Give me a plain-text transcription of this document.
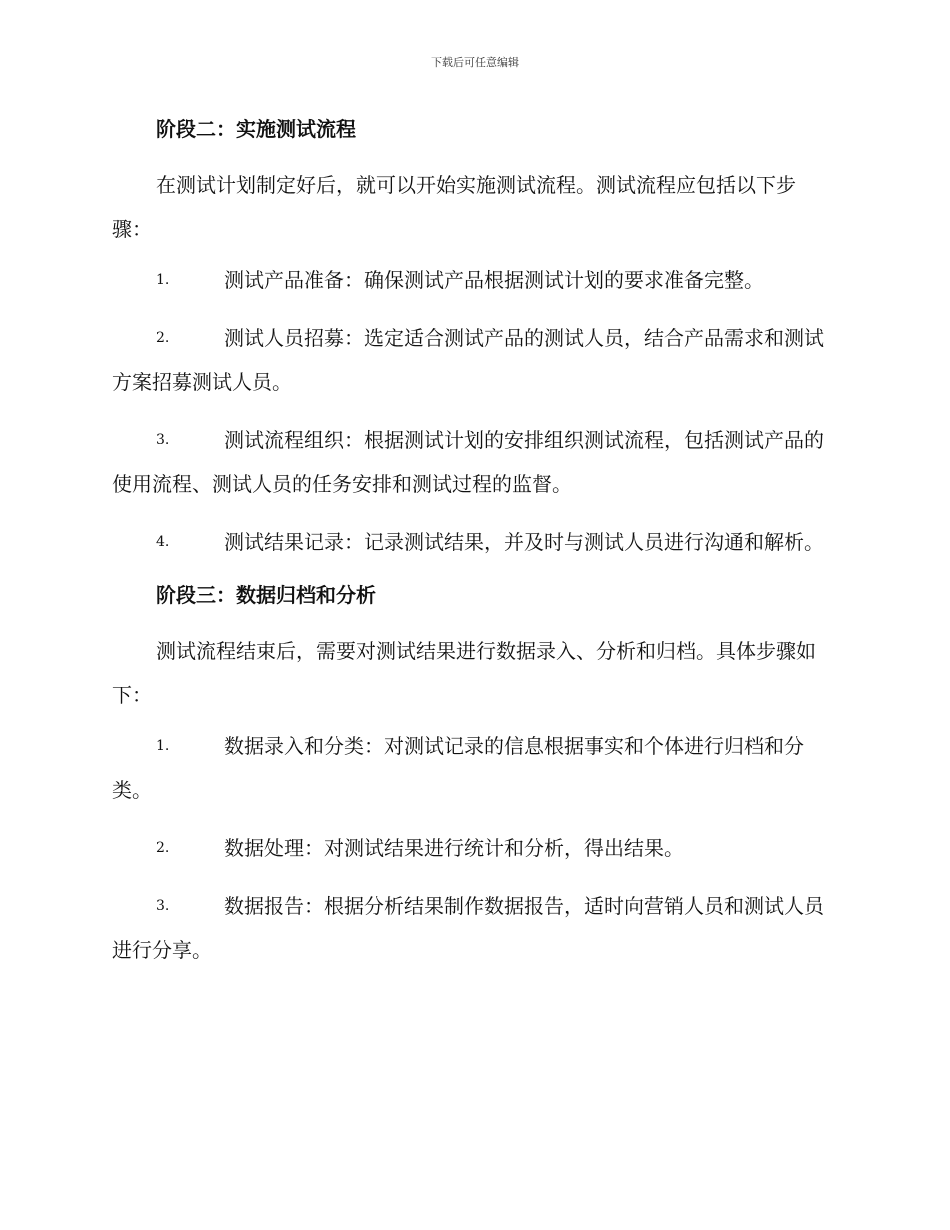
下载后可任意编辑
阶段二：实施测试流程
在测试计划制定好后，就可以开始实施测试流程。测试流程应包括以下步骤：
1.	测试产品准备：确保测试产品根据测试计划的要求准备完整。
2.	测试人员招募：选定适合测试产品的测试人员，结合产品需求和测试方案招募测试人员。
3.	测试流程组织：根据测试计划的安排组织测试流程，包括测试产品的使用流程、测试人员的任务安排和测试过程的监督。
4.	测试结果记录：记录测试结果，并及时与测试人员进行沟通和解析。
阶段三：数据归档和分析
测试流程结束后，需要对测试结果进行数据录入、分析和归档。具体步骤如下：
1.	数据录入和分类：对测试记录的信息根据事实和个体进行归档和分类。
2.	数据处理：对测试结果进行统计和分析，得出结果。
3.	数据报告：根据分析结果制作数据报告，适时向营销人员和测试人员进行分享。
